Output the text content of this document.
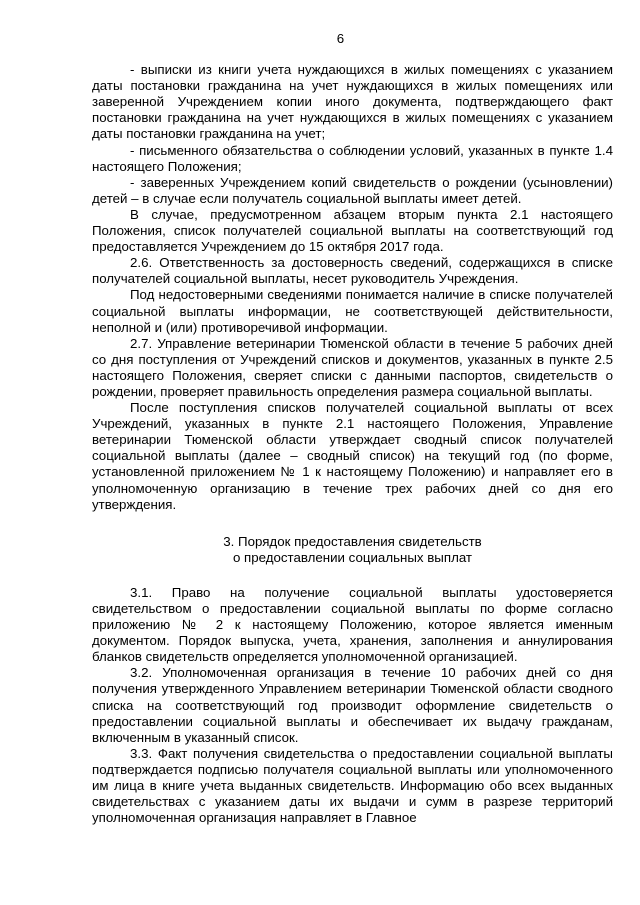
6

- выписки из книги учета нуждающихся в жилых помещениях с указанием даты постановки гражданина на учет нуждающихся в жилых помещениях или заверенной Учреждением копии иного документа, подтверждающего факт постановки гражданина на учет нуждающихся в жилых помещениях с указанием даты постановки гражданина на учет;

- письменного обязательства о соблюдении условий, указанных в пункте 1.4 настоящего Положения;

- заверенных Учреждением копий свидетельств о рождении (усыновлении) детей – в случае если получатель социальной выплаты имеет детей.

В случае, предусмотренном абзацем вторым пункта 2.1 настоящего Положения, список получателей социальной выплаты на соответствующий год предоставляется Учреждением до 15 октября 2017 года.

2.6. Ответственность за достоверность сведений, содержащихся в списке получателей социальной выплаты, несет руководитель Учреждения.

Под недостоверными сведениями понимается наличие в списке получателей социальной выплаты информации, не соответствующей действительности, неполной и (или) противоречивой информации.

2.7. Управление ветеринарии Тюменской области в течение 5 рабочих дней со дня поступления от Учреждений списков и документов, указанных в пункте 2.5 настоящего Положения, сверяет списки с данными паспортов, свидетельств о рождении, проверяет правильность определения размера социальной выплаты.

После поступления списков получателей социальной выплаты от всех Учреждений, указанных в пункте 2.1 настоящего Положения, Управление ветеринарии Тюменской области утверждает сводный список получателей социальной выплаты (далее – сводный список) на текущий год (по форме, установленной приложением № 1 к настоящему Положению) и направляет его в уполномоченную организацию в течение трех рабочих дней со дня его утверждения.

3. Порядок предоставления свидетельств
о предоставлении социальных выплат

3.1. Право на получение социальной выплаты удостоверяется свидетельством о предоставлении социальной выплаты по форме согласно приложению № 2 к настоящему Положению, которое является именным документом. Порядок выпуска, учета, хранения, заполнения и аннулирования бланков свидетельств определяется уполномоченной организацией.

3.2. Уполномоченная организация в течение 10 рабочих дней со дня получения утвержденного Управлением ветеринарии Тюменской области сводного списка на соответствующий год производит оформление свидетельств о предоставлении социальной выплаты и обеспечивает их выдачу гражданам, включенным в указанный список.

3.3. Факт получения свидетельства о предоставлении социальной выплаты подтверждается подписью получателя социальной выплаты или уполномоченного им лица в книге учета выданных свидетельств. Информацию обо всех выданных свидетельствах с указанием даты их выдачи и сумм в разрезе территорий уполномоченная организация направляет в Главное
